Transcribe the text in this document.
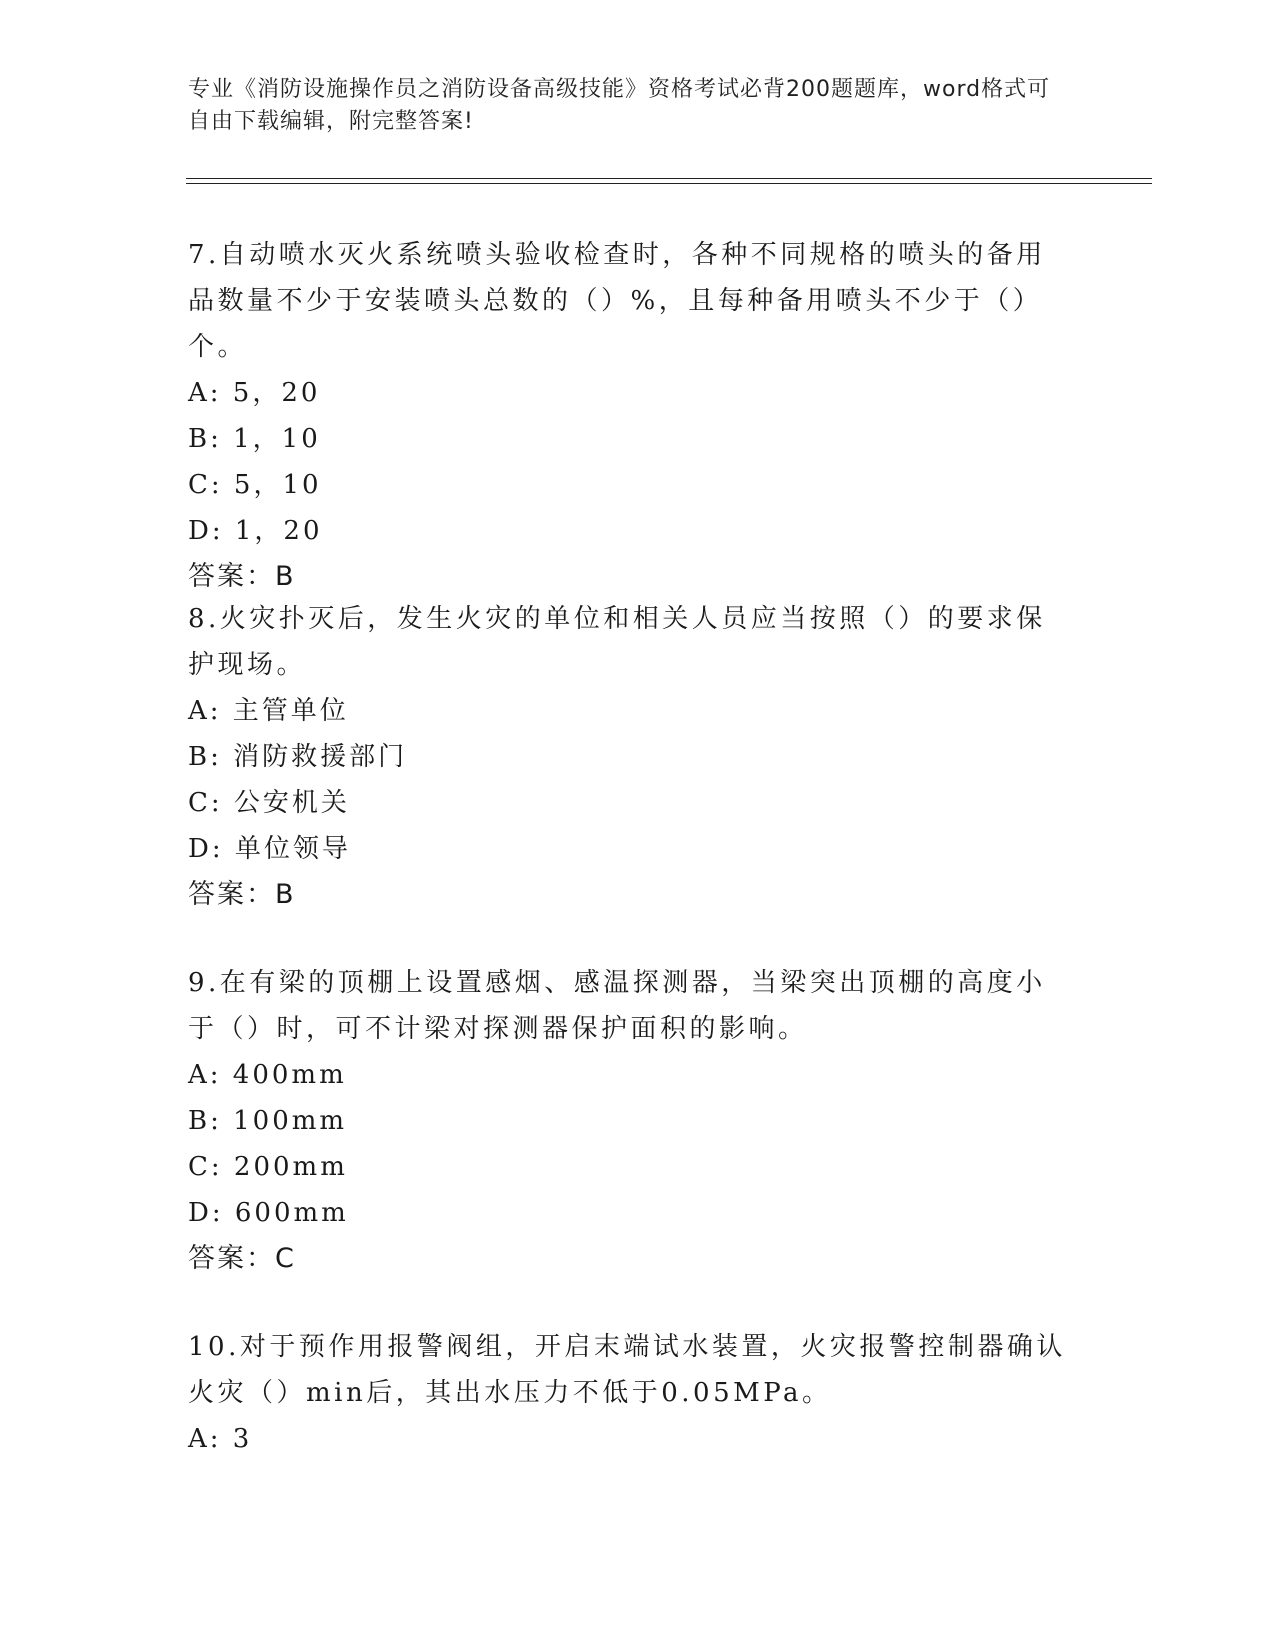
专业《消防设施操作员之消防设备高级技能》资格考试必背200题题库，word格式可自由下载编辑，附完整答案!

7.自动喷水灭火系统喷头验收检查时，各种不同规格的喷头的备用品数量不少于安装喷头总数的（）%，且每种备用喷头不少于（）个。

A: 5，20

B: 1，10

C: 5，10

D: 1，20

答案：B

8.火灾扑灭后，发生火灾的单位和相关人员应当按照（）的要求保护现场。

A: 主管单位

B: 消防救援部门

C: 公安机关

D: 单位领导

答案：B

9.在有梁的顶棚上设置感烟、感温探测器，当梁突出顶棚的高度小于（）时，可不计梁对探测器保护面积的影响。

A: 400mm

B: 100mm

C: 200mm

D: 600mm

答案：C

10.对于预作用报警阀组，开启末端试水装置，火灾报警控制器确认火灾（）min后，其出水压力不低于0.05MPa。

A: 3
